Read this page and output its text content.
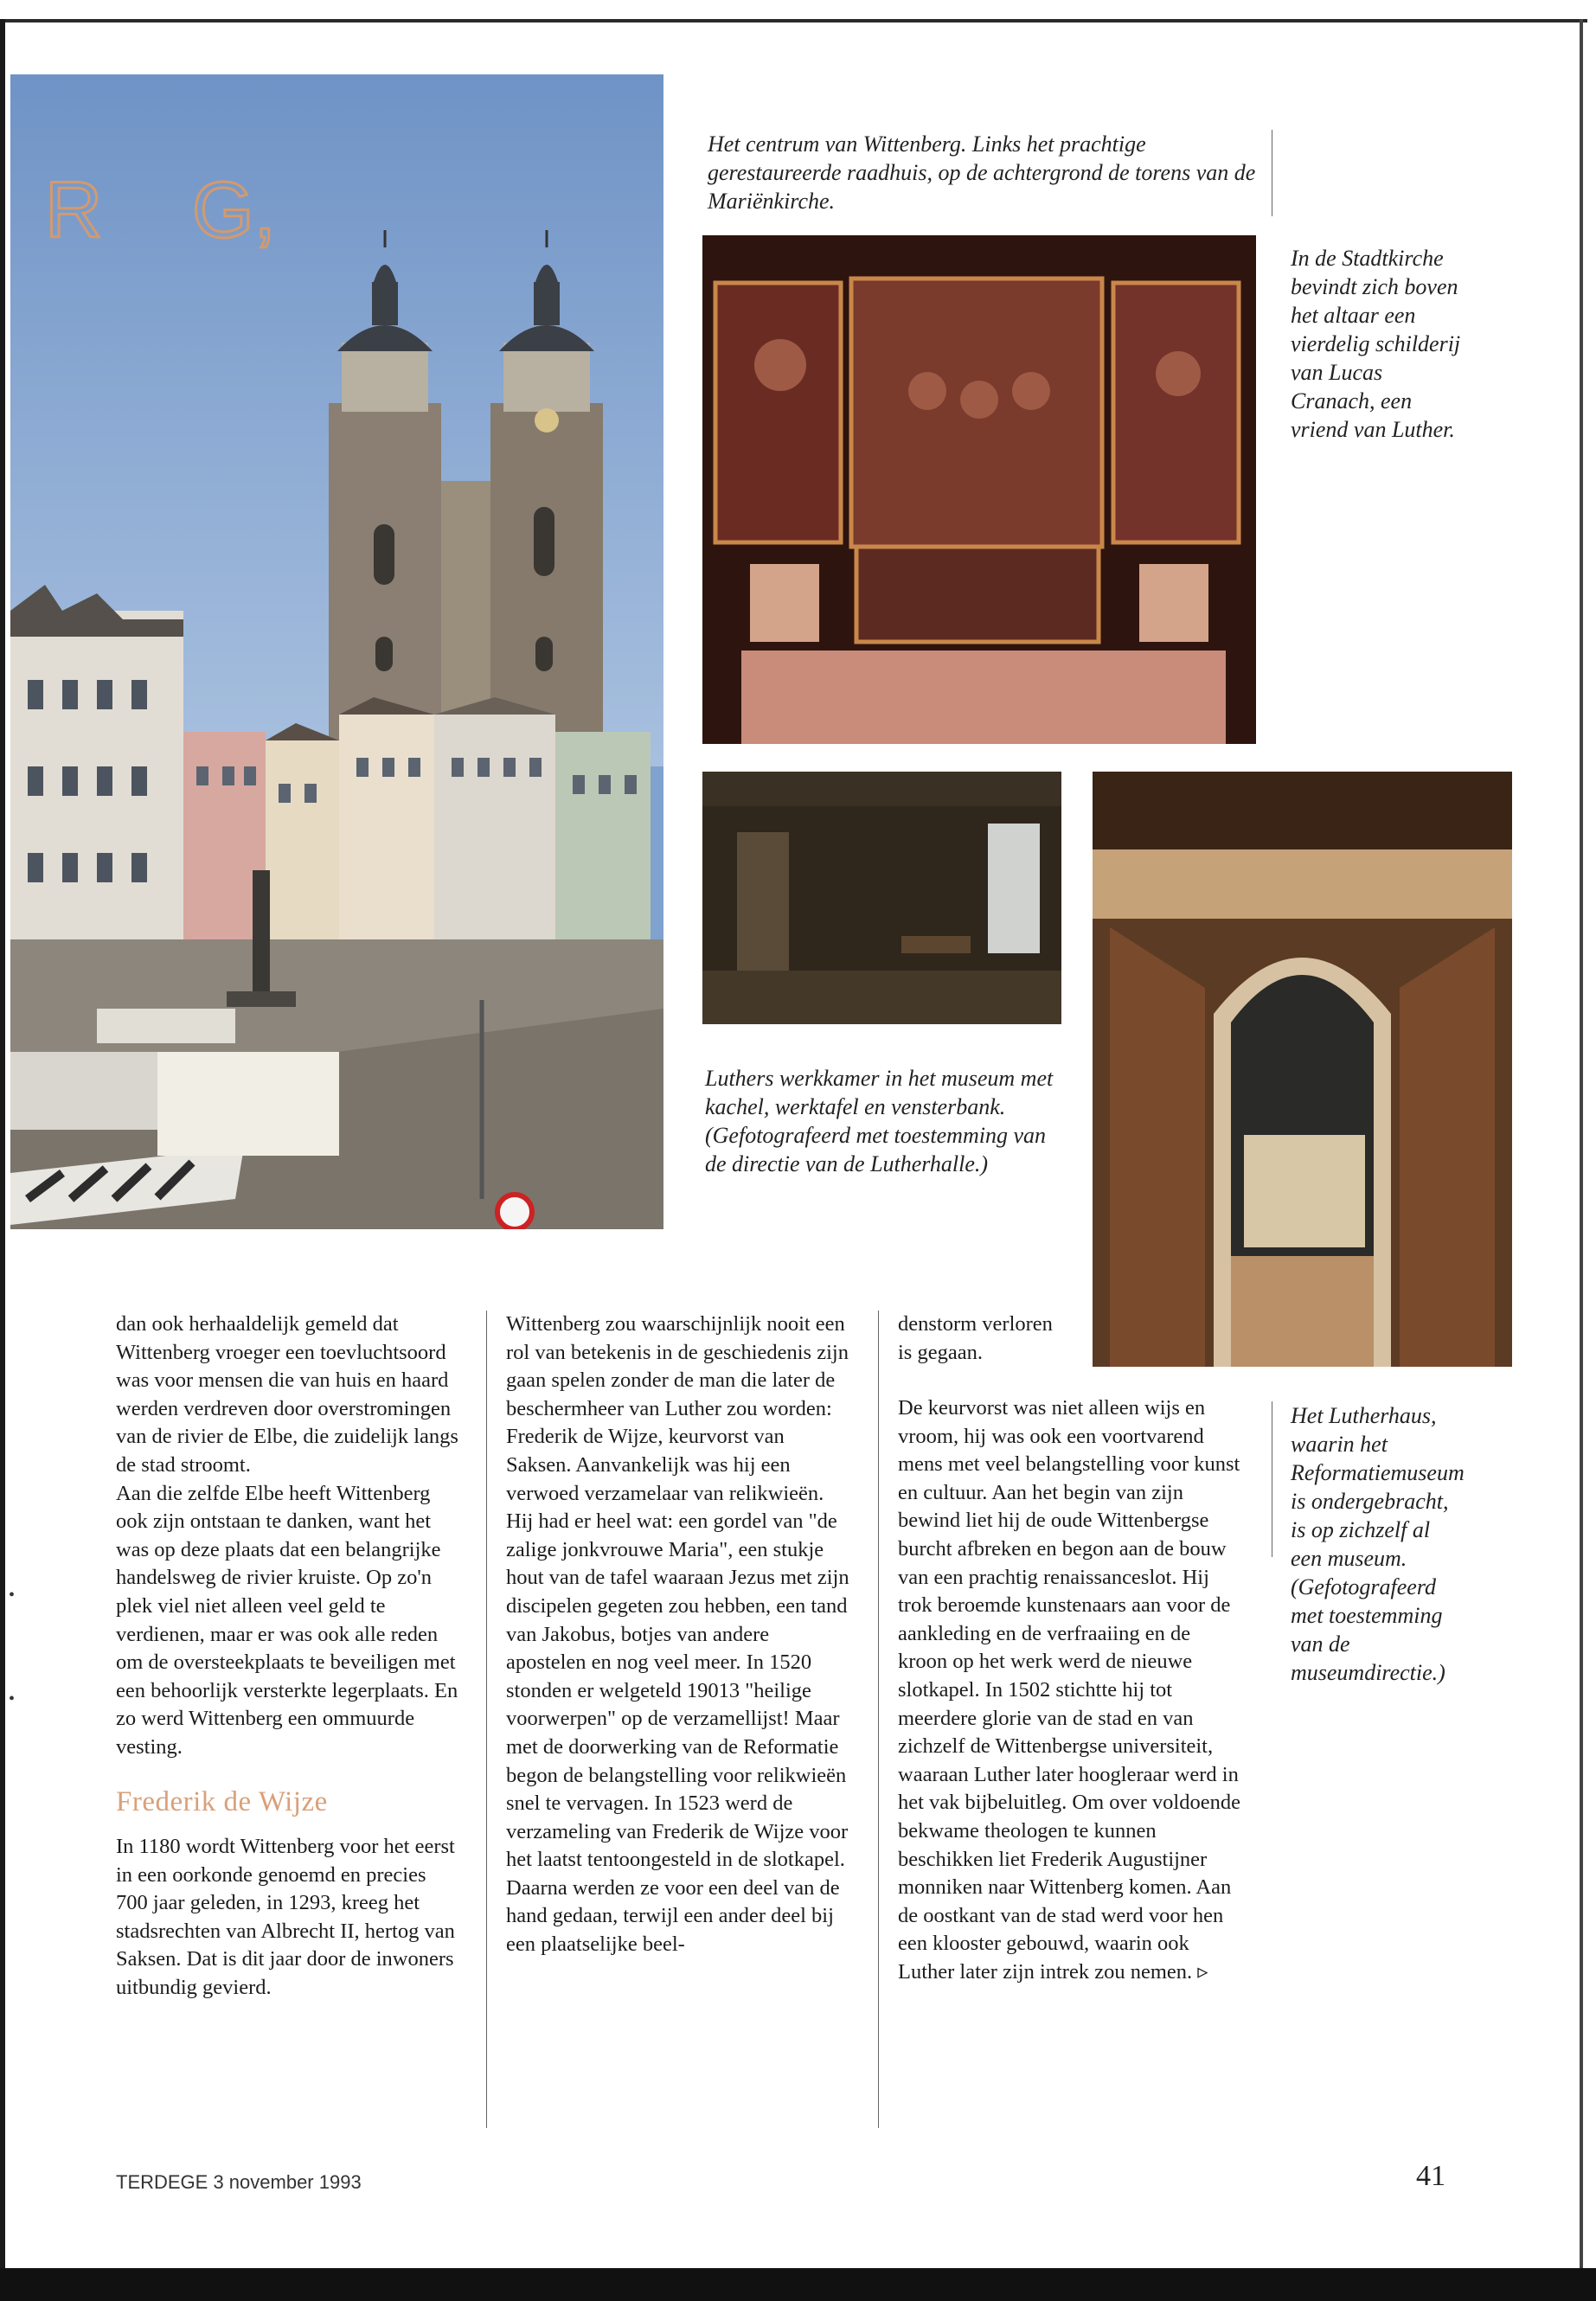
R G,
Het centrum van Wittenberg. Links het prachtige gerestaureerde raadhuis, op de achtergrond de torens van de Mariënkirche.
In de Stadtkirche bevindt zich boven het altaar een vierdelig schilderij van Lucas Cranach, een vriend van Luther.
Luthers werkkamer in het museum met kachel, werktafel en vensterbank. (Gefotografeerd met toestemming van de directie van de Lutherhalle.)
Het Lutherhaus, waarin het Reformatiemuseum is ondergebracht, is op zichzelf al een museum. (Gefotografeerd met toestemming van de museumdirectie.)
•
•

dan ook herhaaldelijk gemeld dat Wittenberg vroeger een toevluchtsoord was voor mensen die van huis en haard werden verdreven door overstromingen van de rivier de Elbe, die zuidelijk langs de stad stroomt.

Aan die zelfde Elbe heeft Wittenberg ook zijn ontstaan te danken, want het was op deze plaats dat een belangrijke handelsweg de rivier kruiste. Op zo'n plek viel niet alleen veel geld te verdienen, maar er was ook alle reden om de oversteekplaats te beveiligen met een behoorlijk versterkte legerplaats. En zo werd Wittenberg een ommuurde vesting.

Frederik de Wijze

In 1180 wordt Wittenberg voor het eerst in een oorkonde genoemd en precies 700 jaar geleden, in 1293, kreeg het stadsrechten van Albrecht II, hertog van Saksen. Dat is dit jaar door de inwoners uitbundig gevierd.

Wittenberg zou waarschijnlijk nooit een rol van betekenis in de geschiedenis zijn gaan spelen zonder de man die later de beschermheer van Luther zou worden: Frederik de Wijze, keurvorst van Saksen. Aanvankelijk was hij een verwoed verzamelaar van relikwieën. Hij had er heel wat: een gordel van "de zalige jonkvrouwe Maria", een stukje hout van de tafel waaraan Jezus met zijn discipelen gegeten zou hebben, een tand van Jakobus, botjes van andere apostelen en nog veel meer. In 1520 stonden er welgeteld 19013 "heilige voorwerpen" op de verzamellijst! Maar met de doorwerking van de Reformatie begon de belangstelling voor relikwieën snel te vervagen. In 1523 werd de verzameling van Frederik de Wijze voor het laatst tentoongesteld in de slotkapel. Daarna werden ze voor een deel van de hand gedaan, terwijl een ander deel bij een plaatselijke beel-

denstorm verloren is gegaan.

De keurvorst was niet alleen wijs en vroom, hij was ook een voortvarend mens met veel belangstelling voor kunst en cultuur. Aan het begin van zijn bewind liet hij de oude Wittenbergse burcht afbreken en begon aan de bouw van een prachtig renaissanceslot. Hij trok beroemde kunstenaars aan voor de aankleding en de verfraaiing en de kroon op het werk werd de nieuwe slotkapel. In 1502 stichtte hij tot meerdere glorie van de stad en van zichzelf de Wittenbergse universiteit, waaraan Luther later hoogleraar werd in het vak bijbeluitleg. Om over voldoende bekwame theologen te kunnen beschikken liet Frederik Augustijner monniken naar Wittenberg komen. Aan de oostkant van de stad werd voor hen een klooster gebouwd, waarin ook Luther later zijn intrek zou nemen. ▹

TERDEGE 3 november 1993	41
